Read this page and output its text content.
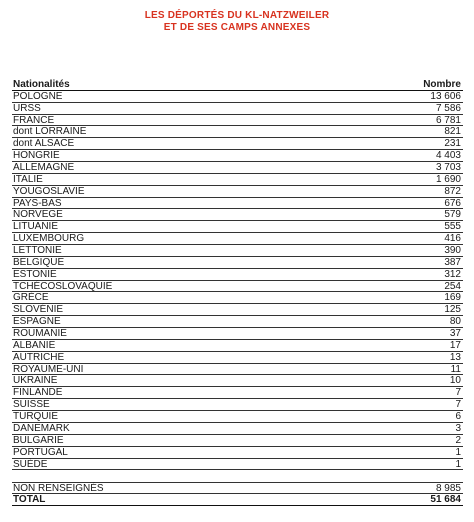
LES DÉPORTÉS DU KL-NATZWEILER
ET DE SES CAMPS ANNEXES
Nationalités	Nombre
POLOGNE	13 606
URSS	7 586
FRANCE	6 781
dont LORRAINE	821
dont ALSACE	231
HONGRIE	4 403
ALLEMAGNE	3 703
ITALIE	1 690
YOUGOSLAVIE	872
PAYS-BAS	676
NORVEGE	579
LITUANIE	555
LUXEMBOURG	416
LETTONIE	390
BELGIQUE	387
ESTONIE	312
TCHÉCOSLOVAQUIE	254
GRÈCE	169
SLOVÉNIE	125
ESPAGNE	80
ROUMANIE	37
ALBANIE	17
AUTRICHE	13
ROYAUME-UNI	11
UKRAINE	10
FINLANDE	7
SUISSE	7
TURQUIE	6
DANEMARK	3
BULGARIE	2
PORTUGAL	1
SUÈDE	1
NON RENSEIGNÉS	8 985
TOTAL	51 684
